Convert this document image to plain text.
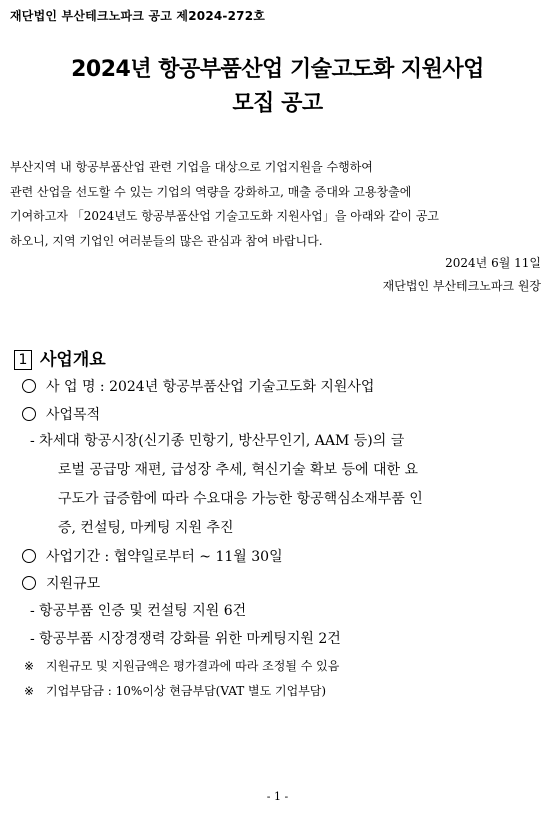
재단법인 부산테크노파크 공고 제2024-272호
2024년 항공부품산업 기술고도화 지원사업
모집 공고
부산지역 내 항공부품산업 관련 기업을 대상으로 기업지원을 수행하여
관련 산업을 선도할 수 있는 기업의 역량을 강화하고, 매출 증대와 고용창출에
기여하고자 「2024년도 항공부품산업 기술고도화 지원사업」을 아래와 같이 공고
하오니, 지역 기업인 여러분들의 많은 관심과 참여 바랍니다.
2024년 6월 11일
재단법인 부산테크노파크 원장
1 사업개요
사 업 명 : 2024년 항공부품산업 기술고도화 지원사업
사업목적
- 차세대 항공시장(신기종 민항기, 방산무인기, AAM 등)의 글
로벌 공급망 재편, 급성장 추세, 혁신기술 확보 등에 대한 요
구도가 급증함에 따라 수요대응 가능한 항공핵심소재부품 인
증, 컨설팅, 마케팅 지원 추진
사업기간 : 협약일로부터 ~ 11월 30일
지원규모
- 항공부품 인증 및 컨설팅 지원 6건
- 항공부품 시장경쟁력 강화를 위한 마케팅지원 2건
※ 지원규모 및 지원금액은 평가결과에 따라 조정될 수 있음
※ 기업부담금 : 10%이상 현금부담(VAT 별도 기업부담)
- 1 -
